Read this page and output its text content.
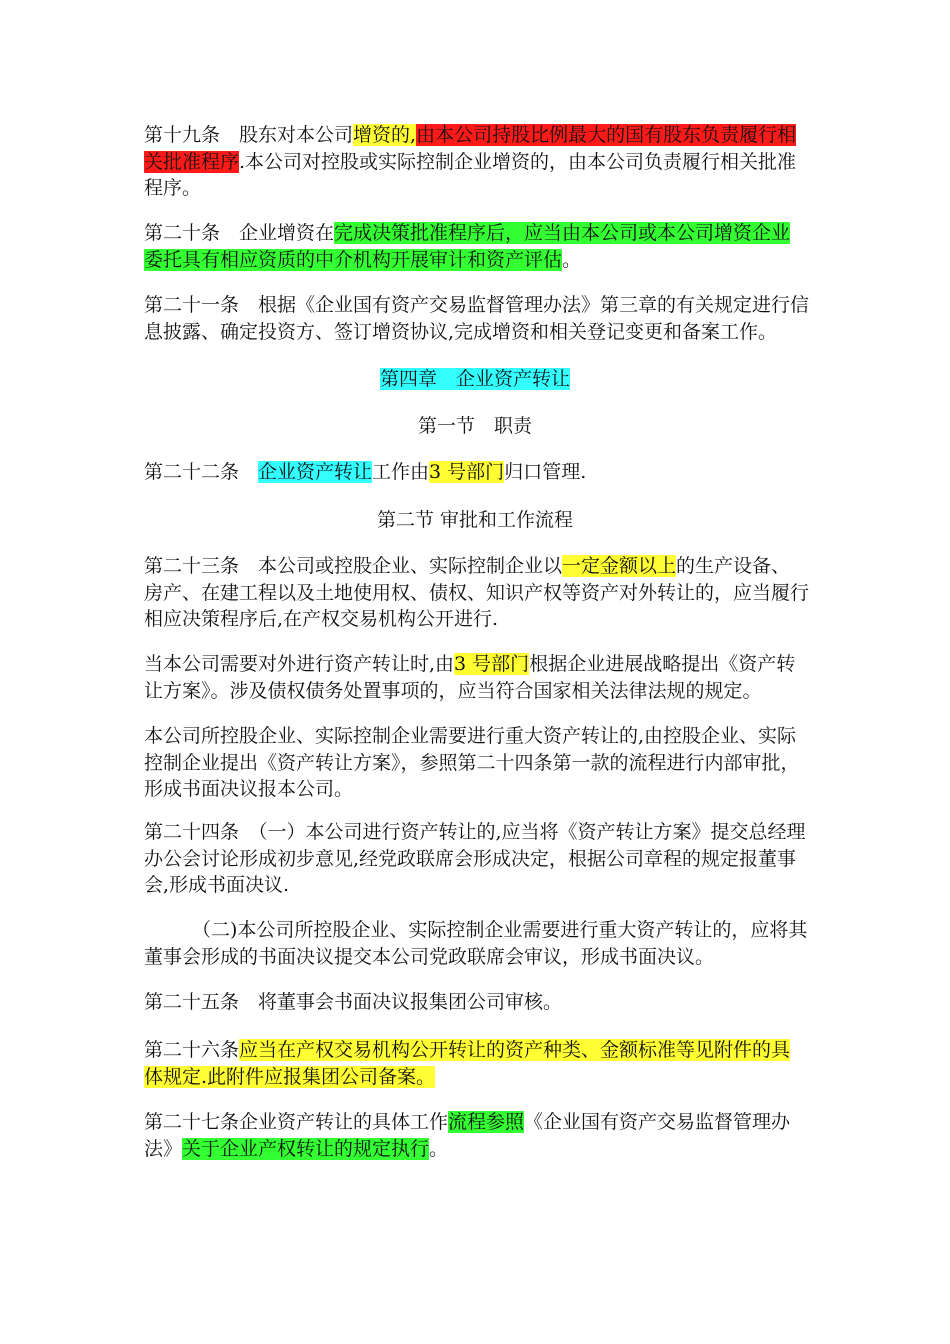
第十九条　股东对本公司增资的,由本公司持股比例最大的国有股东负责履行相关批准程序.本公司对控股或实际控制企业增资的，由本公司负责履行相关批准程序。

第二十条　企业增资在完成决策批准程序后，应当由本公司或本公司增资企业委托具有相应资质的中介机构开展审计和资产评估。

第二十一条　根据《企业国有资产交易监督管理办法》第三章的有关规定进行信息披露、确定投资方、签订增资协议,完成增资和相关登记变更和备案工作。

第四章　企业资产转让
第一节　职责

第二十二条　企业资产转让工作由3 号部门归口管理.

第二节 审批和工作流程

第二十三条　本公司或控股企业、实际控制企业以一定金额以上的生产设备、房产、在建工程以及土地使用权、债权、知识产权等资产对外转让的，应当履行相应决策程序后,在产权交易机构公开进行.

当本公司需要对外进行资产转让时,由3 号部门根据企业进展战略提出《资产转让方案》。涉及债权债务处置事项的，应当符合国家相关法律法规的规定。

本公司所控股企业、实际控制企业需要进行重大资产转让的,由控股企业、实际控制企业提出《资产转让方案》，参照第二十四条第一款的流程进行内部审批，形成书面决议报本公司。

第二十四条　（一）本公司进行资产转让的,应当将《资产转让方案》提交总经理办公会讨论形成初步意见,经党政联席会形成决定，根据公司章程的规定报董事会,形成书面决议.

（二)本公司所控股企业、实际控制企业需要进行重大资产转让的，应将其董事会形成的书面决议提交本公司党政联席会审议，形成书面决议。

第二十五条　将董事会书面决议报集团公司审核。

第二十六条应当在产权交易机构公开转让的资产种类、金额标准等见附件的具体规定.此附件应报集团公司备案。

第二十七条企业资产转让的具体工作流程参照《企业国有资产交易监督管理办法》关于企业产权转让的规定执行。
